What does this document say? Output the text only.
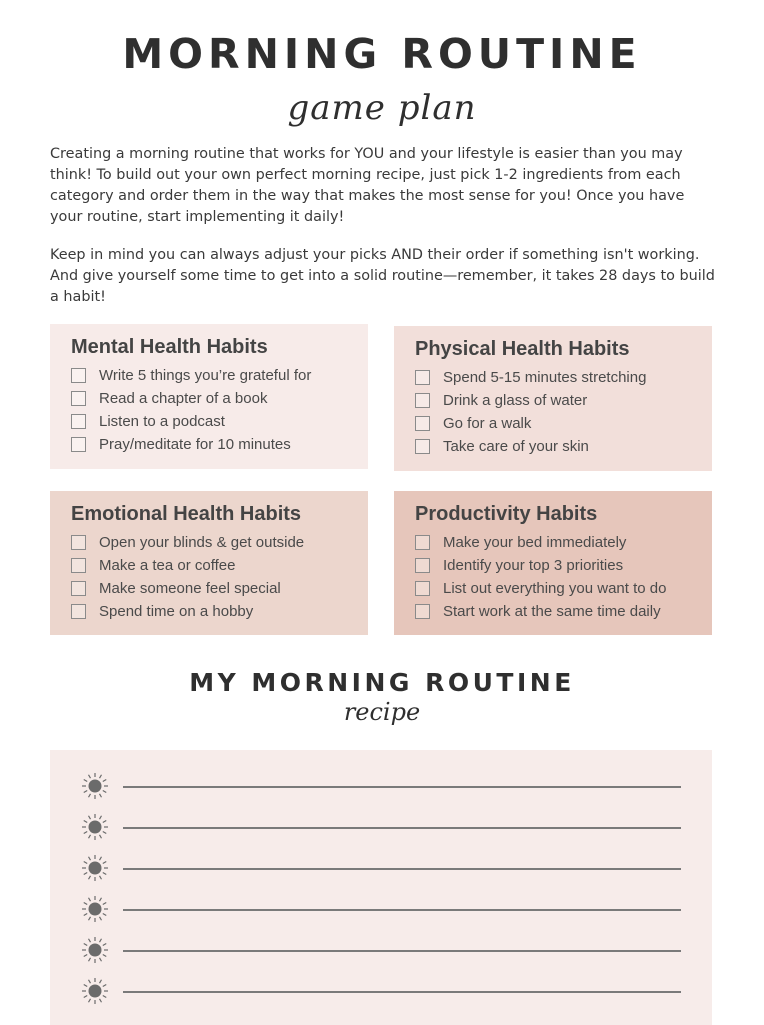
MORNING ROUTINE
game plan
Creating a morning routine that works for YOU and your lifestyle is easier than you may think! To build out your own perfect morning recipe, just pick 1-2 ingredients from each category and order them in the way that makes the most sense for you! Once you have your routine, start implementing it daily!
Keep in mind you can always adjust your picks AND their order if something isn't working. And give yourself some time to get into a solid routine—remember, it takes 28 days to build a habit!
Mental Health Habits
Write 5 things you’re grateful for
Read a chapter of a book
Listen to a podcast
Pray/meditate for 10 minutes
Physical Health Habits
Spend 5-15 minutes stretching
Drink a glass of water
Go for a walk
Take care of your skin
Emotional Health Habits
Open your blinds & get outside
Make a tea or coffee
Make someone feel special
Spend time on a hobby
Productivity Habits
Make your bed immediately
Identify your top 3 priorities
List out everything you want to do
Start work at the same time daily
MY MORNING ROUTINE
recipe
